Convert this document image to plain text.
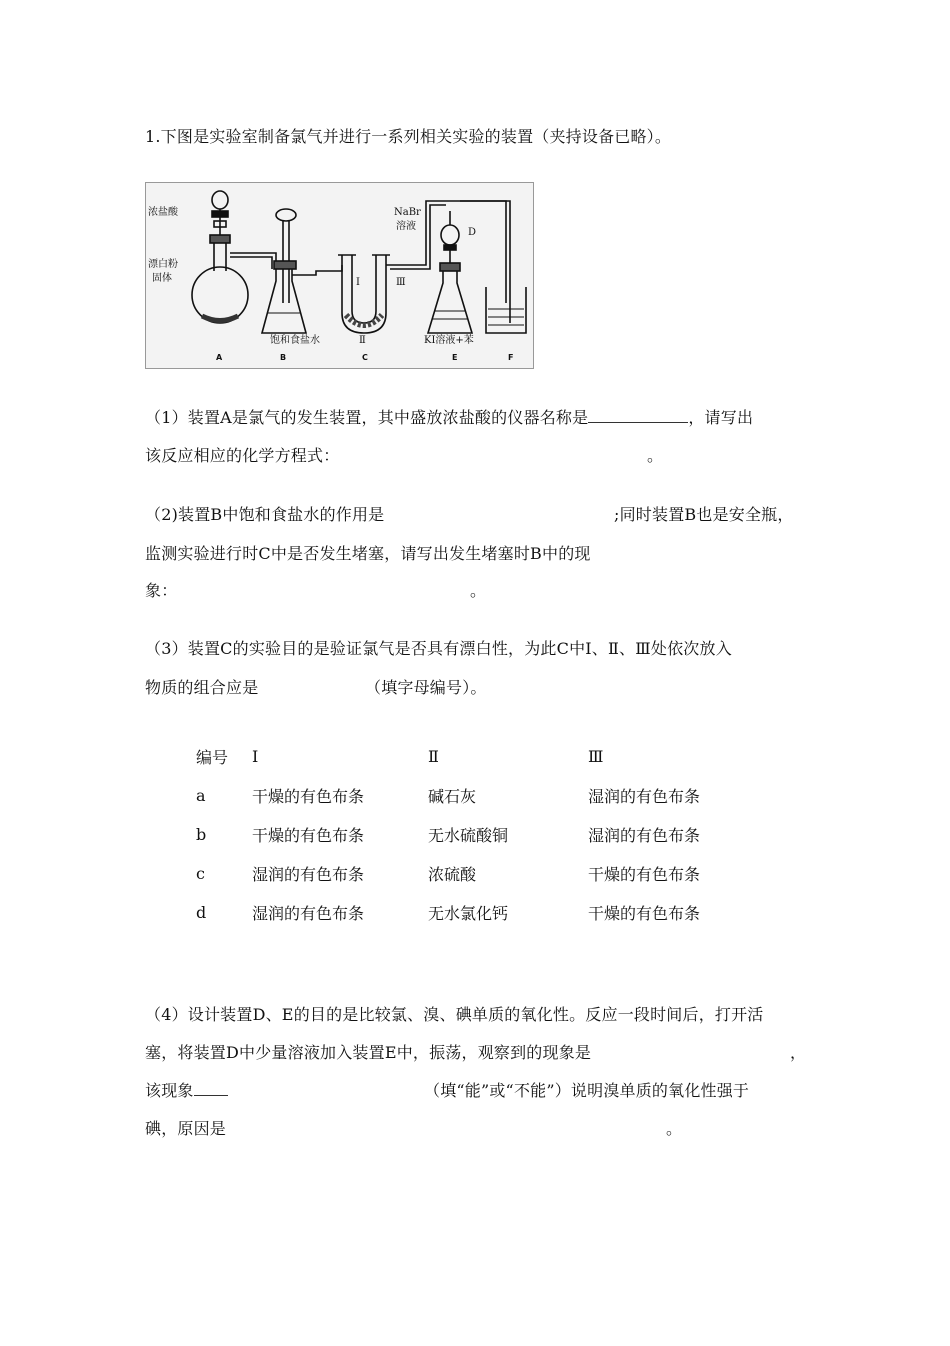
1.下图是实验室制备氯气并进行一系列相关实验的装置（夹持设备已略）。
浓盐酸
漂白粉
固体
饱和食盐水
NaBr
溶液
D
Ⅰ
Ⅱ
Ⅲ
KI溶液+苯
A	B	C	E	F
（1）装置A是氯气的发生装置，其中盛放浓盐酸的仪器名称是	，请写出
该反应相应的化学方程式：	。
（2)装置B中饱和食盐水的作用是	;同时装置B也是安全瓶，
监测实验进行时C中是否发生堵塞，请写出发生堵塞时B中的现
象：	。
（3）装置C的实验目的是验证氯气是否具有漂白性，为此C中Ⅰ、Ⅱ、Ⅲ处依次放入
物质的组合应是	（填字母编号）。
编号	Ⅰ	Ⅱ	Ⅲ
a	干燥的有色布条	碱石灰	湿润的有色布条
b	干燥的有色布条	无水硫酸铜	湿润的有色布条
c	湿润的有色布条	浓硫酸	干燥的有色布条
d	湿润的有色布条	无水氯化钙	干燥的有色布条
（4）设计装置D、E的目的是比较氯、溴、碘单质的氧化性。反应一段时间后，打开活
塞，将装置D中少量溶液加入装置E中，振荡，观察到的现象是	，
该现象	（填“能”或“不能”）说明溴单质的氧化性强于
碘，原因是	。
